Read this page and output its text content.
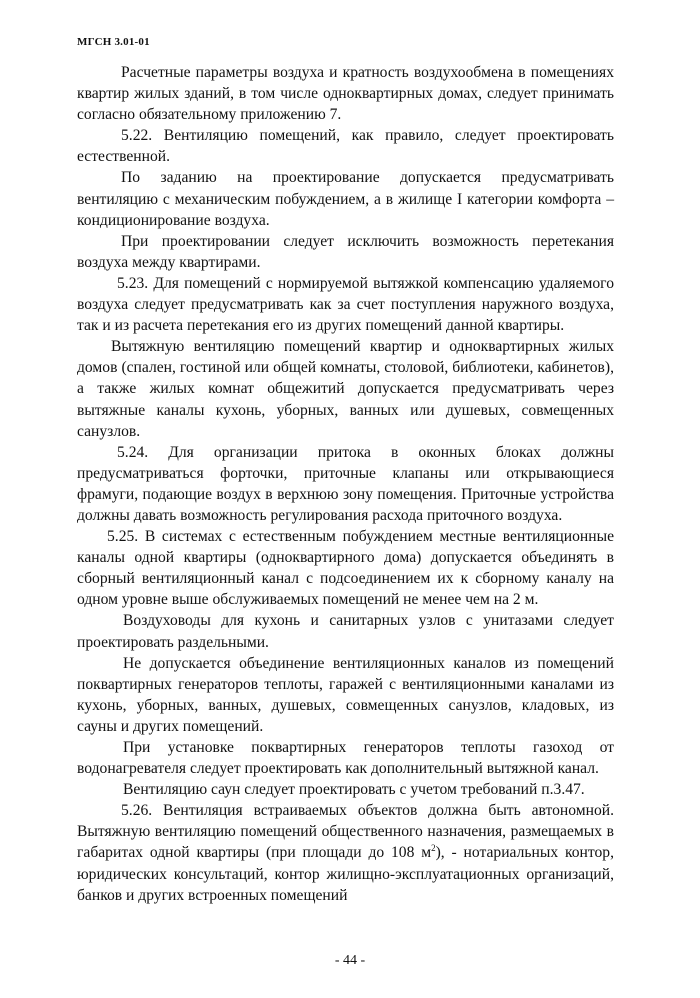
МГСН 3.01-01

Расчетные параметры воздуха и кратность воздухообмена в помещениях квартир жилых зданий, в том числе одноквартирных домах, следует принимать согласно обязательному приложению 7.

5.22. Вентиляцию помещений, как правило, следует проектировать естественной.

По заданию на проектирование допускается предусматривать вентиляцию с механическим побуждением, а в жилище I категории комфорта – кондиционирование воздуха.

При проектировании следует исключить возможность перетекания воздуха между квартирами.

5.23. Для помещений с нормируемой вытяжкой компенсацию удаляемого воздуха следует предусматривать как за счет поступления наружного воздуха, так и из расчета перетекания его из других помещений данной квартиры.

Вытяжную вентиляцию помещений квартир и одноквартирных жилых домов (спален, гостиной или общей комнаты, столовой, библиотеки, кабинетов), а также жилых комнат общежитий допускается предусматривать через вытяжные каналы кухонь, уборных, ванных или душевых, совмещенных санузлов.

5.24. Для организации притока в оконных блоках должны предусматриваться форточки, приточные клапаны или открывающиеся фрамуги, подающие воздух в верхнюю зону помещения. Приточные устройства должны давать возможность регулирования расхода приточного воздуха.

5.25. В системах с естественным побуждением местные вентиляционные каналы одной квартиры (одноквартирного дома) допускается объединять в сборный вентиляционный канал с подсоединением их к сборному каналу на одном уровне выше обслуживаемых помещений не менее чем на 2 м.

Воздуховоды для кухонь и санитарных узлов с унитазами следует проектировать раздельными.

Не допускается объединение вентиляционных каналов из помещений поквартирных генераторов теплоты, гаражей с вентиляционными каналами из кухонь, уборных, ванных, душевых, совмещенных санузлов, кладовых, из сауны и других помещений.

При установке поквартирных генераторов теплоты газоход от водонагревателя следует проектировать как дополнительный вытяжной канал.

Вентиляцию саун следует проектировать с учетом требований п.3.47.

5.26. Вентиляция встраиваемых объектов должна быть автономной. Вытяжную вентиляцию помещений общественного назначения, размещаемых в габаритах одной квартиры (при площади до 108 $м^2$), - нотариальных контор, юридических консультаций, контор жилищно-эксплуатационных организаций, банков и других встроенных помещений

- 44 -
